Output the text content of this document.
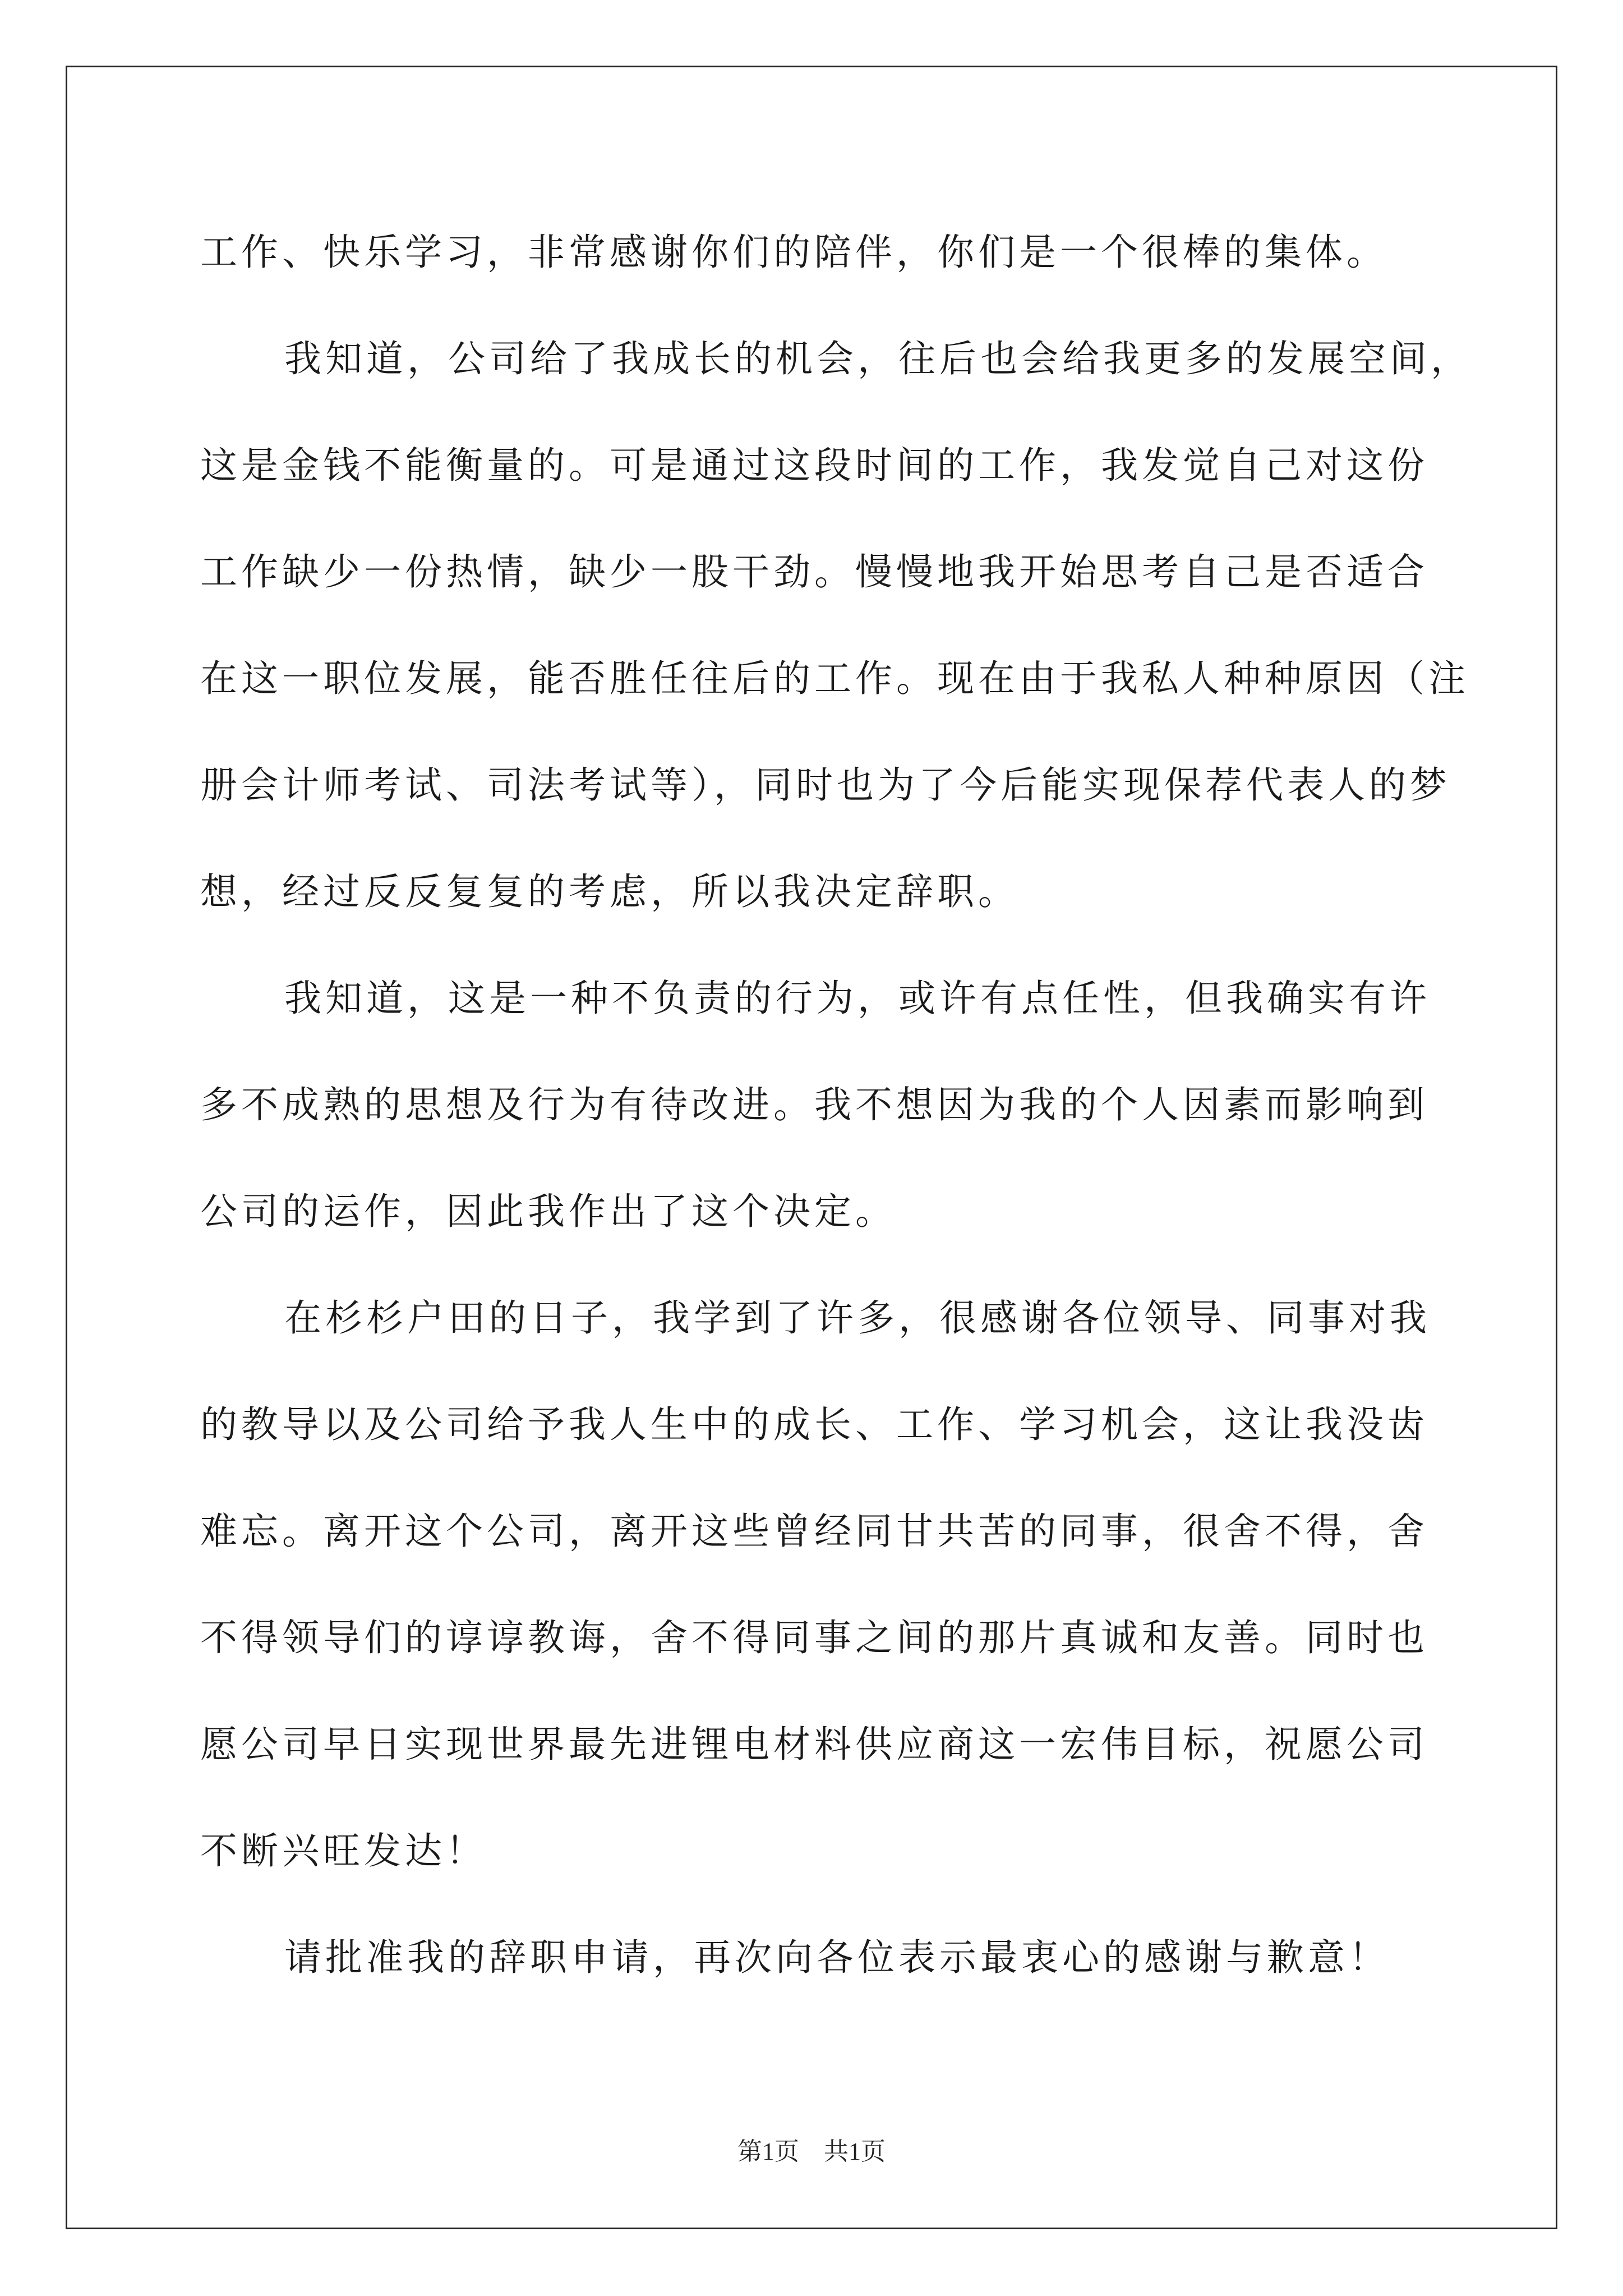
工作、快乐学习，非常感谢你们的陪伴，你们是一个很棒的集体。
我知道，公司给了我成长的机会，往后也会给我更多的发展空间，
这是金钱不能衡量的。可是通过这段时间的工作，我发觉自己对这份
工作缺少一份热情，缺少一股干劲。慢慢地我开始思考自己是否适合
在这一职位发展，能否胜任往后的工作。现在由于我私人种种原因（注
册会计师考试、司法考试等），同时也为了今后能实现保荐代表人的梦
想，经过反反复复的考虑，所以我决定辞职。
我知道，这是一种不负责的行为，或许有点任性，但我确实有许
多不成熟的思想及行为有待改进。我不想因为我的个人因素而影响到
公司的运作，因此我作出了这个决定。
在杉杉户田的日子，我学到了许多，很感谢各位领导、同事对我
的教导以及公司给予我人生中的成长、工作、学习机会，这让我没齿
难忘。离开这个公司，离开这些曾经同甘共苦的同事，很舍不得，舍
不得领导们的谆谆教诲，舍不得同事之间的那片真诚和友善。同时也
愿公司早日实现世界最先进锂电材料供应商这一宏伟目标，祝愿公司
不断兴旺发达！
请批准我的辞职申请，再次向各位表示最衷心的感谢与歉意！
第1页　共1页
